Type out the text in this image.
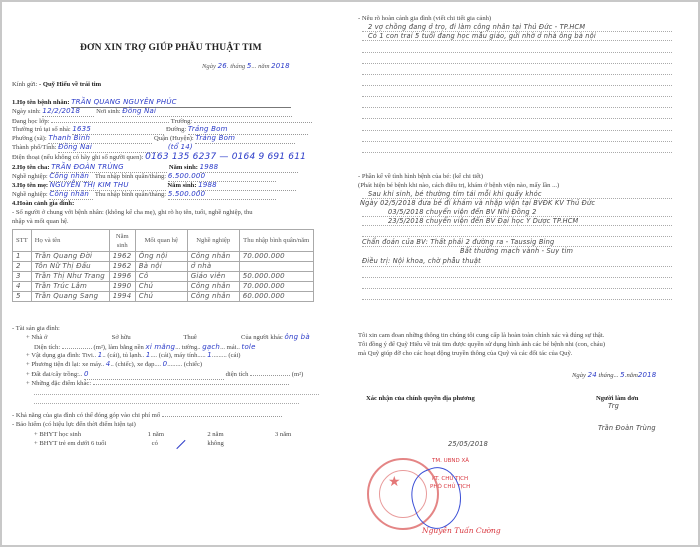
ĐƠN XIN TRỢ GIÚP PHẪU THUẬT TIM
Ngày 26. tháng 5... năm 2018
Kính gửi: - Quỹ Hiểu về trái tim
1.Họ tên bệnh nhân: TRẦN QUANG NGUYÊN PHÚC
Ngày sinh: 12/2/2018 Nơi sinh: Đồng Nai
Đang học lớp:	Trường:
Thường trú tại số nhà: 1635	Đường: Trảng Bom
Phường (xã): Thanh Bình	Quận (Huyện): Trảng Bom
Thành phố/Tỉnh: Đồng Nai	(tổ 14)
Điện thoại (nếu không có hãy ghi số người quen): 0163 135 6237 — 0164 9 691 611
2.Họ tên cha: TRẦN ĐOÀN TRÙNG	Năm sinh: 1988
Nghề nghiệp: Công nhân Thu nhập bình quân/tháng: 6.500.000
3.Họ tên mẹ: NGUYỄN THỊ KIM THU	Năm sinh: 1988
Nghề nghiệp: Công nhân Thu nhập bình quân/tháng: 5.500.000
4.Hoàn cảnh gia đình:
- Số người ở chung với bệnh nhân: (không kể cha mẹ), ghi rõ họ tên, tuổi, nghề nghiệp, thu
nhập và mối quan hệ.
STT	Họ và tên	Năm sinh	Mối quan hệ	Nghề nghiệp	Thu nhập bình quân/năm
1	Trần Quang Đời	1962	Ông nội	Công nhân	70.000.000
2	Tôn Nữ Thị Đấu	1962	Bà nội	ở nhà	
3	Trần Thị Như Trang	1996	Cô	Giáo viên	50.000.000
4	Trần Trúc Lâm	1990	Chú	Công nhân	70.000.000
5	Trần Quang Sang	1994	Chú	Công nhân	60.000.000
- Tài sản gia đình:
+ Nhà ở	Sở hữu	Thuê	Của người khác ông bà
Diện tích:	(m²), làm bằng nền xi măng... tường.. gạch... mái.. tole
+ Vật dụng gia đình: Tivi.. 1.. (cái), tủ lạnh.. 1.... (cái), máy tính..... 1......... (cái)
+ Phương tiện đi lại: xe máy.. 4.. (chiếc), xe đạp.... 0......... (chiếc)
+ Đất đai/cây trồng:.. 0	diện tích	(m²)
+ Những đặc điểm khác:
- Khả năng của gia đình có thể đóng góp vào chi phí mổ
- Bảo hiểm (có hiệu lực đến thời điểm hiện tại)
+ BHYT học sinh	1 năm	2 năm	3 năm
+ BHYT trẻ em dưới 6 tuổi	có	không
- Nêu rõ hoàn cảnh gia đình (viết chi tiết gia cảnh)
2 vợ chồng đang ở trọ, đi làm công nhân tại Thủ Đức - TP.HCM
Có 1 con trai 5 tuổi đang học mẫu giáo, gửi nhờ ở nhà ông bà nội
- Phần kể về tình hình bệnh của bé: (kể chi tiết)
(Phát hiện bé bệnh khi nào, cách điều trị, khám ở bệnh viện nào, mấy lần ...)
Sau khi sinh, bé thường tím tái mỗi khi quấy khóc
Ngày 02/5/2018 đưa bé đi khám và nhập viện tại BVĐK KV Thủ Đức
03/5/2018 chuyển viện đến BV Nhi Đồng 2
23/5/2018 chuyển viện đến BV Đại học Y Dược TP.HCM
Chẩn đoán của BV: Thất phải 2 đường ra - Taussig Bing
Bất thường mạch vành - Suy tim
Điều trị: Nội khoa, chờ phẫu thuật
Tôi xin cam đoan những thông tin chúng tôi cung cấp là hoàn toàn chính xác và đúng sự thật.
Tôi đồng ý để Quỹ Hiểu về trái tim được quyền sử dụng hình ảnh các bé bệnh nhi (con, cháu)
mà Quỹ giúp đỡ cho các hoạt động truyền thông của Quỹ và các đối tác của Quỹ.
Ngày 24 tháng... 5.năm2018
Xác nhận của chính quyền địa phương	Người làm đơn
Trg
Trần Đoàn Trùng
25/05/2018
TM. UBND XÃ
KT. CHỦ TỊCH
PHÓ CHỦ TỊCH
Nguyễn Tuấn Cường
★
